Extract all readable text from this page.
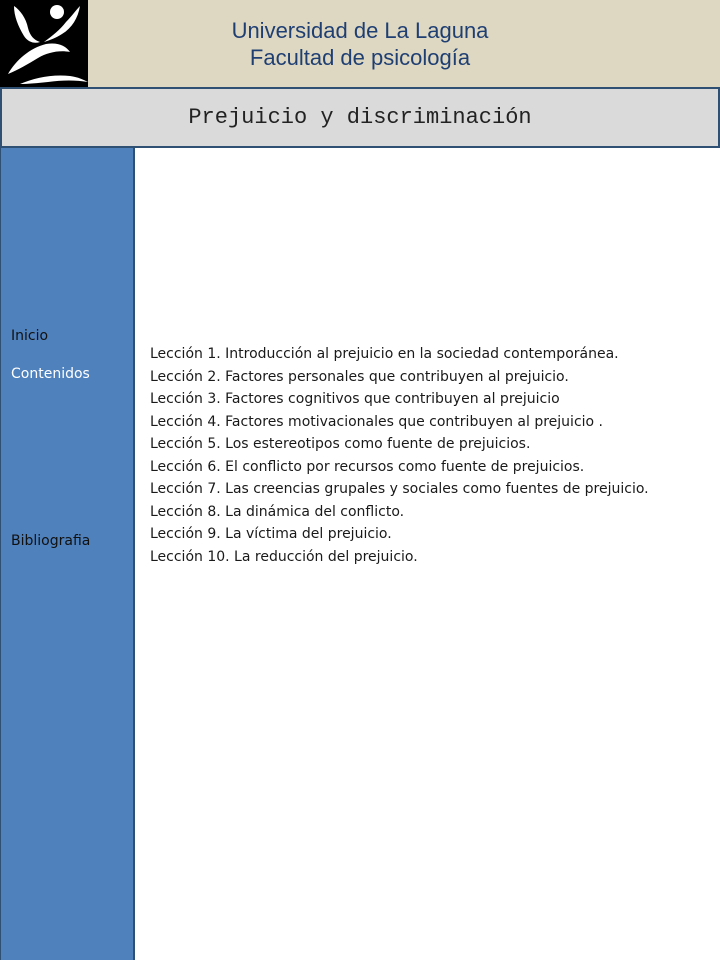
Universidad de La Laguna
Facultad de psicología
Prejuicio y discriminación
Inicio
Contenidos
Bibliografia
Lección 1. Introducción al prejuicio en la sociedad contemporánea.
Lección 2. Factores personales que contribuyen al prejuicio.
Lección 3. Factores cognitivos que contribuyen al prejuicio
Lección 4. Factores motivacionales que contribuyen al prejuicio .
Lección 5. Los estereotipos como fuente de prejuicios.
Lección 6. El conflicto por recursos como fuente de prejuicios.
Lección 7. Las creencias grupales y sociales como fuentes de prejuicio.
Lección 8. La dinámica del conflicto.
Lección 9. La víctima del prejuicio.
Lección 10. La reducción del prejuicio.
